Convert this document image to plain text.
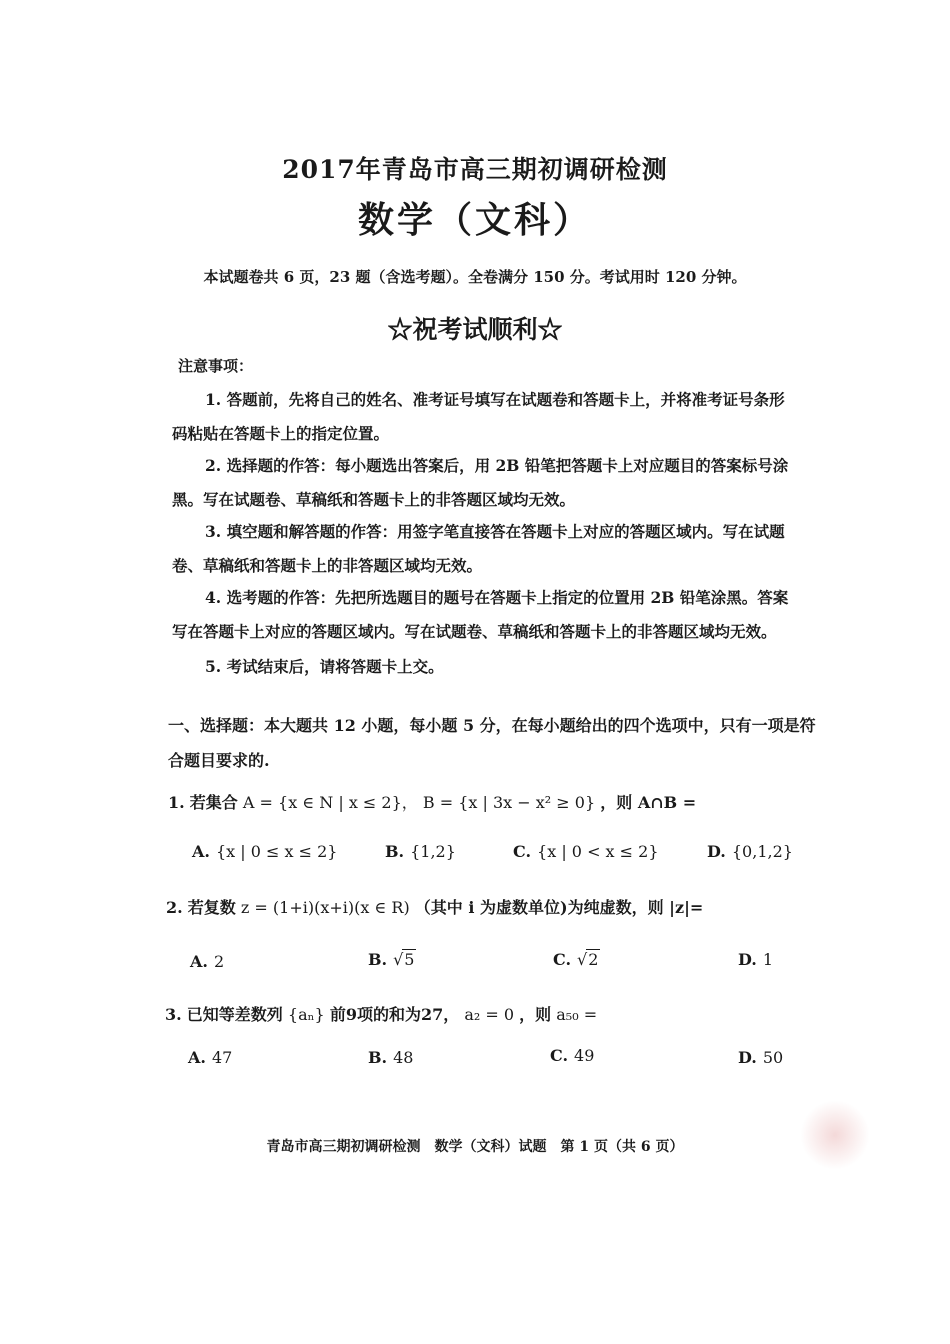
2017年青岛市高三期初调研检测
数学（文科）
本试题卷共 6 页，23 题（含选考题）。全卷满分 150 分。考试用时 120 分钟。
☆祝考试顺利☆
注意事项：
1. 答题前，先将自己的姓名、准考证号填写在试题卷和答题卡上，并将准考证号条形
码粘贴在答题卡上的指定位置。
2. 选择题的作答：每小题选出答案后，用 2B 铅笔把答题卡上对应题目的答案标号涂
黑。写在试题卷、草稿纸和答题卡上的非答题区域均无效。
3. 填空题和解答题的作答：用签字笔直接答在答题卡上对应的答题区域内。写在试题
卷、草稿纸和答题卡上的非答题区域均无效。
4. 选考题的作答：先把所选题目的题号在答题卡上指定的位置用 2B 铅笔涂黑。答案
写在答题卡上对应的答题区域内。写在试题卷、草稿纸和答题卡上的非答题区域均无效。
5. 考试结束后，请将答题卡上交。
一、选择题：本大题共 12 小题，每小题 5 分，在每小题给出的四个选项中，只有一项是符
合题目要求的.
1. 若集合 A = {x ∈ N | x ≤ 2}， B = {x | 3x − x² ≥ 0} ，则 A∩B =
A. {x | 0 ≤ x ≤ 2}	B. {1,2}	C. {x | 0 < x ≤ 2}	D. {0,1,2}
2. 若复数 z = (1+i)(x+i)(x ∈ R) （其中 i 为虚数单位)为纯虚数，则 |z|=
A. 2	B. √5	C. √2	D. 1
3. 已知等差数列 {aₙ} 前9项的和为27， a₂ = 0 ，则 a₅₀ =
A. 47	B. 48	C. 49	D. 50
青岛市高三期初调研检测　数学（文科）试题　第 1 页（共 6 页）
